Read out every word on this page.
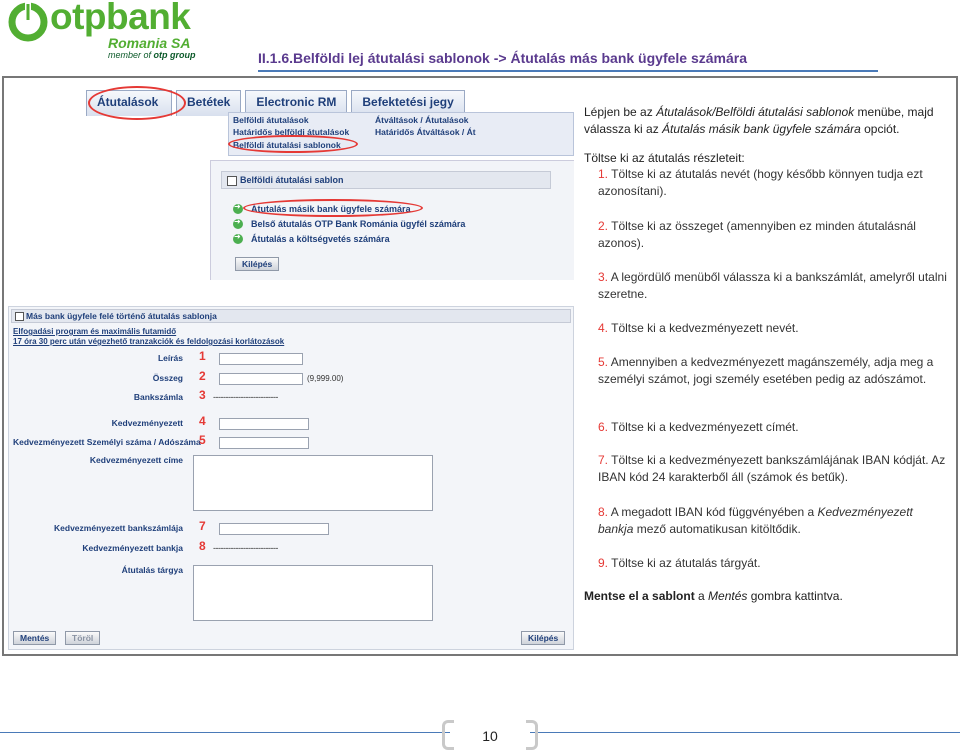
otpbank
Romania SA
member of otp group	II.1.6.Belföldi lej átutalási sablonok -> Átutalás más bank ügyfele számára
Átutalások	Betétek	Electronic RM	Befektetési jegy
Belföldi átutalások
Határidős belföldi átutalások
Belföldi átutalási sablonok
Átváltások / Átutalások
Határidős Átváltások / Át
Belföldi átutalási sablon
➜
Átutalás másik bank ügyfele számára
➜
Belső átutalás OTP Bank Románia ügyfél számára
➜
Átutalás a költségvetés számára
Kilépés
Más bank ügyfele felé történő átutalás sablonja
Elfogadási program és maximális futamidő
17 óra 30 perc után végezhető tranzakciók és feldolgozási korlátozások
Leírás 1
Összeg 2	(9,999.00)
Bankszámla 3 --------------------------
Kedvezményezett 4
Kedvezményezett Személyi száma / Adószáma
5
Kedvezményezett címe
Kedvezményezett bankszámlája 7
Kedvezményezett bankja 8 --------------------------
Átutalás tárgya
Mentés	Töröl	Kilépés

Lépjen be az Átutalások/Belföldi átutalási sablonok menübe, majd válassza ki az Átutalás másik bank ügyfele számára opciót.

Töltse ki az átutalás részleteit:
1. Töltse ki az átutalás nevét (hogy később könnyen tudja ezt azonosítani).
2. Töltse ki az összeget (amennyiben ez minden átutalásnál azonos).
3. A legördülő menüből válassza ki a bankszámlát, amelyről utalni szeretne.
4. Töltse ki a kedvezményezett nevét.
5. Amennyiben a kedvezményezett magánszemély, adja meg a személyi számot, jogi személy esetében pedig az adószámot.
6. Töltse ki a kedvezményezett címét.
7. Töltse ki a kedvezményezett bankszámlájának IBAN kódját. Az IBAN kód 24 karakterből áll (számok és betűk).
8. A megadott IBAN kód függvényében a Kedvezményezett bankja mező automatikusan kitöltődik.
9. Töltse ki az átutalás tárgyát.
Mentse el a sablont a Mentés gombra kattintva.
10
